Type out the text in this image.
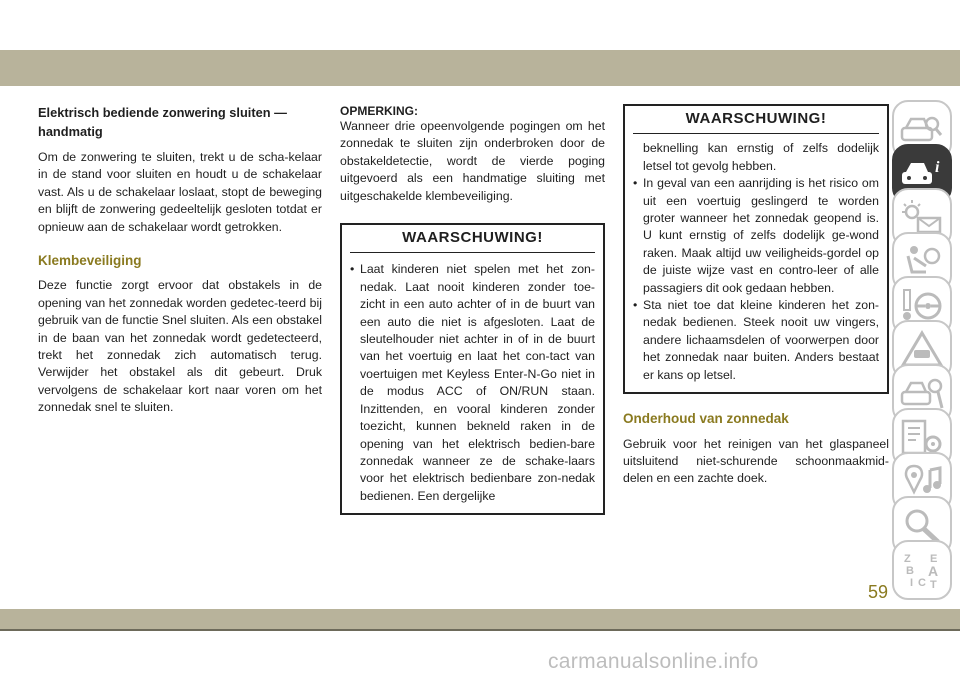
Elektrisch bediende zonwering sluiten — handmatig

Om de zonwering te sluiten, trekt u de scha-kelaar in de stand voor sluiten en houdt u de schakelaar vast. Als u de schakelaar loslaat, stopt de beweging en blijft de zonwering gedeeltelijk gesloten totdat er opnieuw aan de schakelaar wordt getrokken.

Klembeveiliging

Deze functie zorgt ervoor dat obstakels in de opening van het zonnedak worden gedetec-teerd bij gebruik van de functie Snel sluiten. Als een obstakel in de baan van het zonnedak wordt gedetecteerd, trekt het zonnedak zich automatisch terug. Verwijder het obstakel als dit gebeurt. Druk vervolgens de schakelaar kort naar voren om het zonnedak snel te sluiten.

OPMERKING:

Wanneer drie opeenvolgende pogingen om het zonnedak te sluiten zijn onderbroken door de obstakeldetectie, wordt de vierde poging uitgevoerd als een handmatige sluiting met uitgeschakelde klembeveiliging.

WAARSCHUWING!
• Laat kinderen niet spelen met het zon-nedak. Laat nooit kinderen zonder toe-zicht in een auto achter of in de buurt van een auto die niet is afgesloten. Laat de sleutelhouder niet achter in of in de buurt van het voertuig en laat het con-tact van voertuigen met Keyless Enter-N-Go niet in de modus ACC of ON/RUN staan. Inzittenden, en vooral kinderen zonder toezicht, kunnen bekneld raken in de opening van het elektrisch bedien-bare zonnedak wanneer ze de schake-laars voor het elektrisch bedienbare zon-nedak bedienen. Een dergelijke
WAARSCHUWING!
beknelling kan ernstig of zelfs dodelijk letsel tot gevolg hebben.
• In geval van een aanrijding is het risico om uit een voertuig geslingerd te worden groter wanneer het zonnedak geopend is. U kunt ernstig of zelfs dodelijk ge-wond raken. Maak altijd uw veiligheids-gordel op de juiste wijze vast en contro-leer of alle passagiers dit ook gedaan hebben.
• Sta niet toe dat kleine kinderen het zon-nedak bedienen. Steek nooit uw vingers, andere lichaamsdelen of voorwerpen door het zonnedak naar buiten. Anders bestaat er kans op letsel.
Onderhoud van zonnedak

Gebruik voor het reinigen van het glaspaneel uitsluitend niet-schurende schoonmaakmid-delen en een zachte doek.

i
Z E
B A
I C T
59
carmanualsonline.info
